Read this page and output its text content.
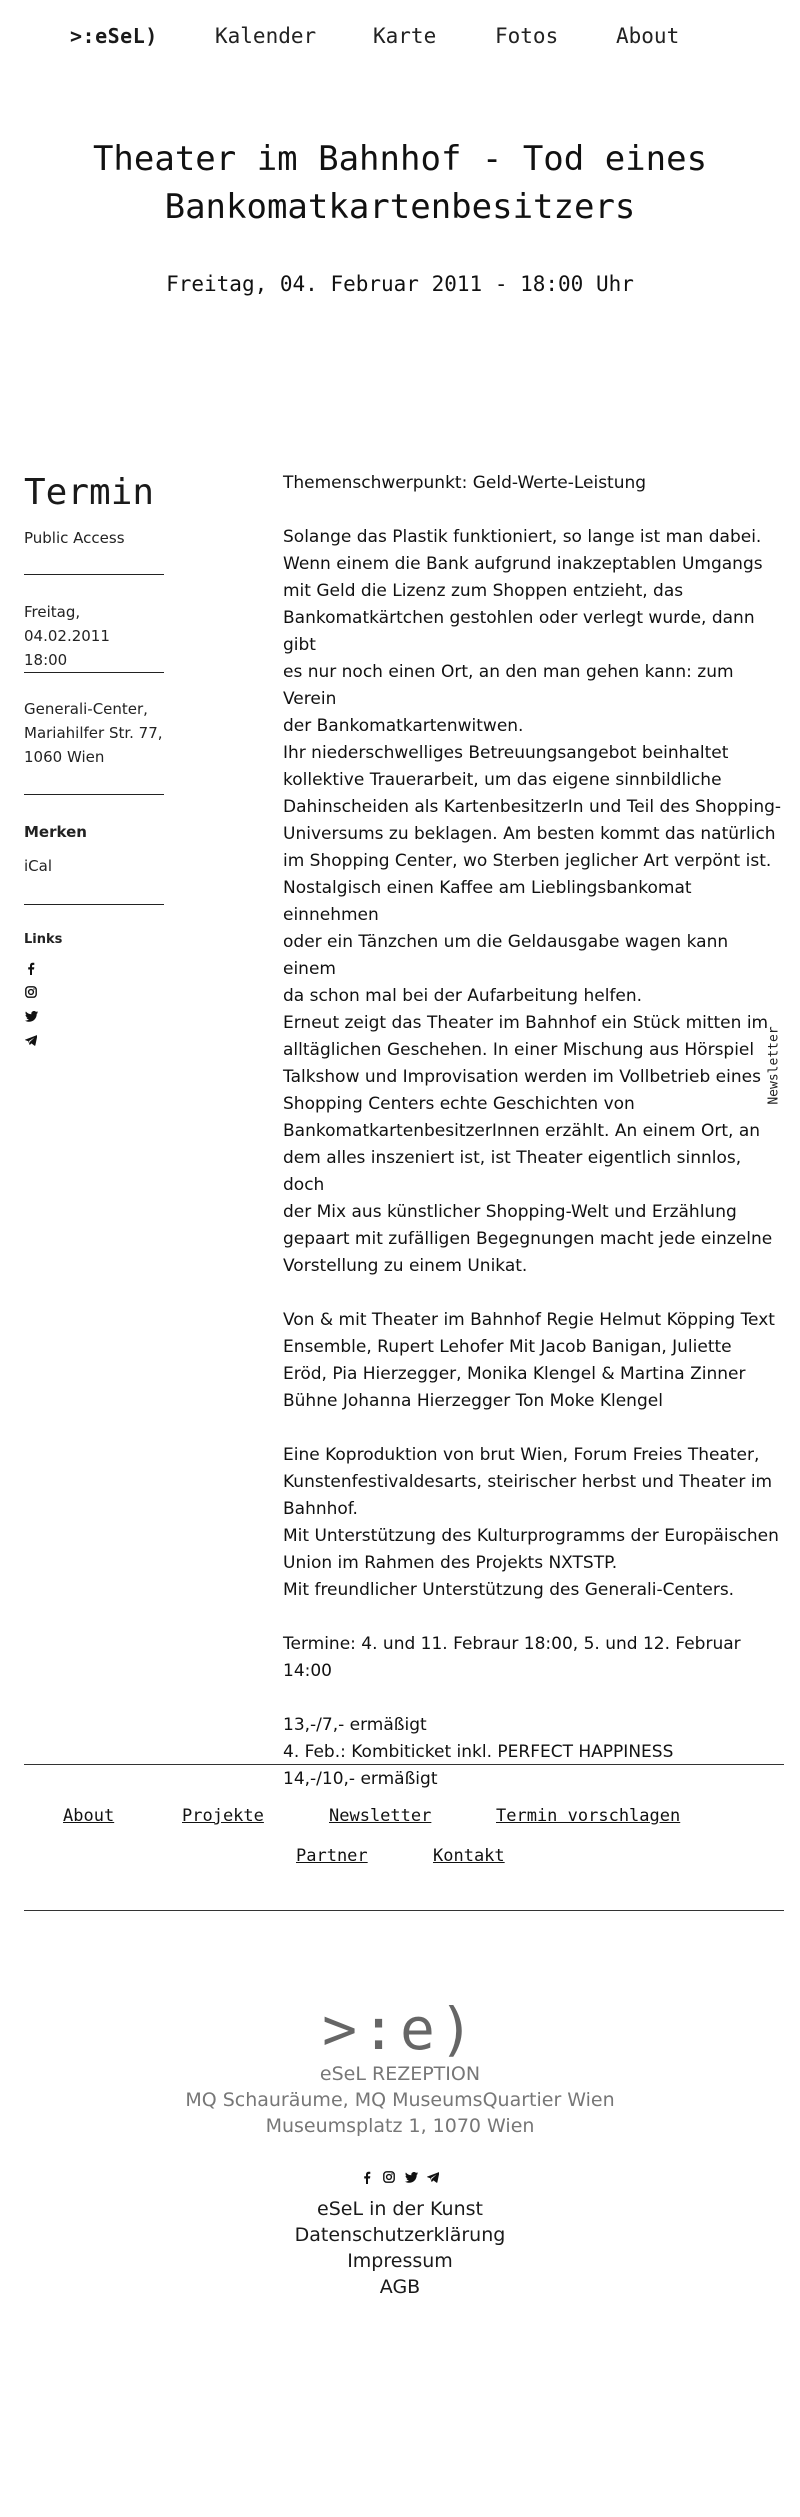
>:eSeL)	Kalender	Karte	Fotos	About
Theater im Bahnhof - Tod eines Bankomatkartenbesitzers
Freitag, 04. Februar 2011 - 18:00 Uhr
Termin
Public Access
Freitag, 04.02.2011
18:00
Generali-Center,
Mariahilfer Str. 77,
1060 Wien
Merken
iCal
Links

Themenschwerpunkt: Geld-Werte-Leistung

Solange das Plastik funktioniert, so lange ist man dabei.
Wenn einem die Bank aufgrund inakzeptablen Umgangs
mit Geld die Lizenz zum Shoppen entzieht, das
Bankomatkärtchen gestohlen oder verlegt wurde, dann gibt
es nur noch einen Ort, an den man gehen kann: zum Verein
der Bankomatkartenwitwen.
Ihr niederschwelliges Betreuungsangebot beinhaltet
kollektive Trauerarbeit, um das eigene sinnbildliche
Dahinscheiden als KartenbesitzerIn und Teil des Shopping-
Universums zu beklagen. Am besten kommt das natürlich
im Shopping Center, wo Sterben jeglicher Art verpönt ist.
Nostalgisch einen Kaffee am Lieblingsbankomat einnehmen
oder ein Tänzchen um die Geldausgabe wagen kann einem
da schon mal bei der Aufarbeitung helfen.
Erneut zeigt das Theater im Bahnhof ein Stück mitten im
alltäglichen Geschehen. In einer Mischung aus Hörspiel
Talkshow und Improvisation werden im Vollbetrieb eines
Shopping Centers echte Geschichten von
BankomatkartenbesitzerInnen erzählt. An einem Ort, an
dem alles inszeniert ist, ist Theater eigentlich sinnlos, doch
der Mix aus künstlicher Shopping-Welt und Erzählung
gepaart mit zufälligen Begegnungen macht jede einzelne
Vorstellung zu einem Unikat.

Von & mit Theater im Bahnhof Regie Helmut Köpping Text
Ensemble, Rupert Lehofer Mit Jacob Banigan, Juliette
Eröd, Pia Hierzegger, Monika Klengel & Martina Zinner
Bühne Johanna Hierzegger Ton Moke Klengel

Eine Koproduktion von brut Wien, Forum Freies Theater,
Kunstenfestivaldesarts, steirischer herbst und Theater im
Bahnhof.
Mit Unterstützung des Kulturprogramms der Europäischen
Union im Rahmen des Projekts NXTSTP.
Mit freundlicher Unterstützung des Generali-Centers.

Termine: 4. und 11. Febraur 18:00, 5. und 12. Februar 14:00

13,-/7,- ermäßigt
4. Feb.: Kombiticket inkl. PERFECT HAPPINESS
14,-/10,- ermäßigt

Newsletter
About	Projekte	Newsletter	Termin vorschlagen
Partner	Kontakt
>:e)
eSeL REZEPTION
MQ Schauräume, MQ MuseumsQuartier Wien
Museumsplatz 1, 1070 Wien
eSeL in der Kunst
Datenschutzerklärung
Impressum
AGB
